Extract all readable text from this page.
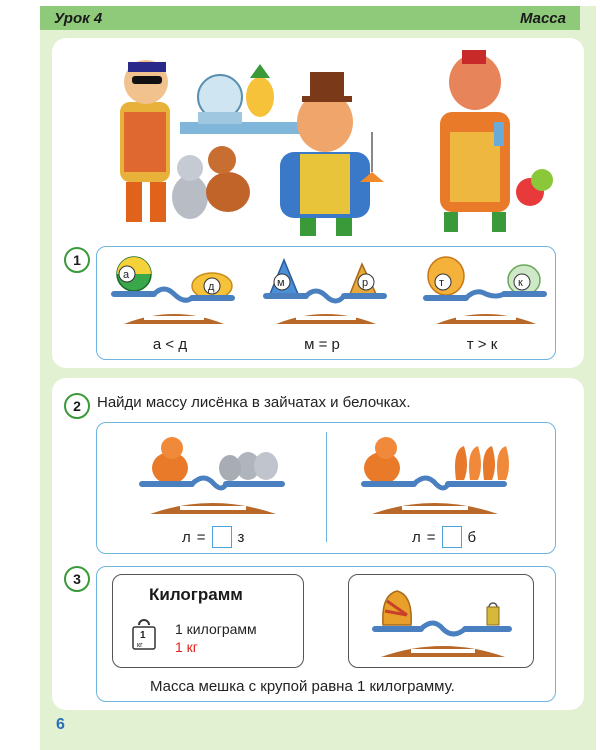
Урок 4	Масса
1
а
д	м	р	т	к
а < д	м = р	т > к
2	Найди массу лисёнка в зайчатах и белочках.
л = з	л = б
3
Килограмм
1
кг
1 килограмм
1 кг
Масса мешка с крупой равна 1 килограмму.
6
